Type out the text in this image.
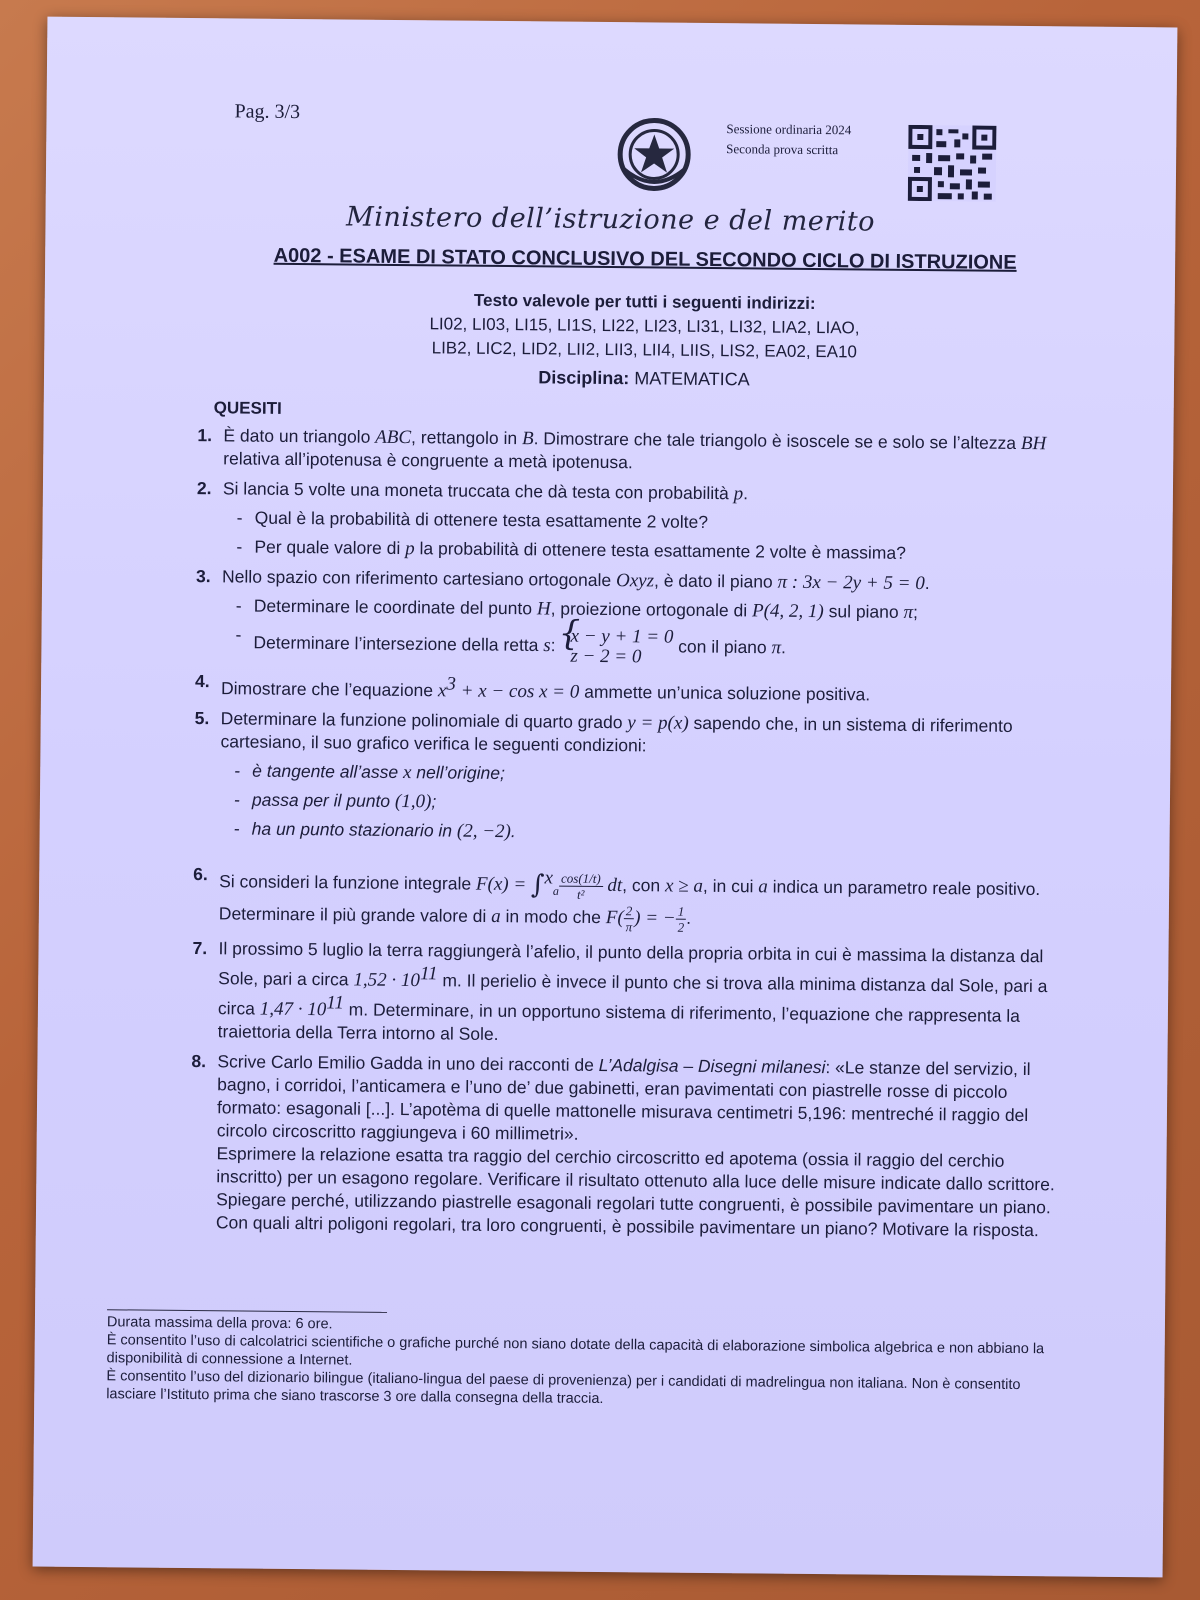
Pag. 3/3
Sessione ordinaria 2024
Seconda prova scritta
Ministero dell’istruzione e del merito
A002 - ESAME DI STATO CONCLUSIVO DEL SECONDO CICLO DI ISTRUZIONE
Testo valevole per tutti i seguenti indirizzi:
LI02, LI03, LI15, LI1S, LI22, LI23, LI31, LI32, LIA2, LIAO,
LIB2, LIC2, LID2, LII2, LII3, LII4, LIIS, LIS2, EA02, EA10
Disciplina: MATEMATICA
QUESITI
1. È dato un triangolo ABC, rettangolo in B. Dimostrare che tale triangolo è isoscele se e solo se l’altezza BH relativa all’ipotenusa è congruente a metà ipotenusa.
2. Si lancia 5 volte una moneta truccata che dà testa con probabilità p.
- Qual è la probabilità di ottenere testa esattamente 2 volte?
- Per quale valore di p la probabilità di ottenere testa esattamente 2 volte è massima?
3. Nello spazio con riferimento cartesiano ortogonale Oxyz, è dato il piano π : 3x − 2y + 5 = 0.
- Determinare le coordinate del punto H, proiezione ortogonale di P(4, 2, 1) sul piano π;
- Determinare l’intersezione della retta s:
{ x − y + 1 = 0
z − 2 = 0	con il piano π.
4. Dimostrare che l’equazione $x^3 + x - \cos x = 0$ ammette un’unica soluzione positiva.
5. Determinare la funzione polinomiale di quarto grado y = p(x) sapendo che, in un sistema di riferimento cartesiano, il suo grafico verifica le seguenti condizioni:
- è tangente all’asse x nell’origine;
- passa per il punto (1,0);
- ha un punto stazionario in (2, −2).
6. Si consideri la funzione integrale $F(x) = \int^x_a \frac{\cos(1/t)}{\text{t²}}$ dt, con x ≥ a, in cui a indica un parametro reale positivo. Determinare il più grande valore di a in modo che $F( \frac{2}{\pi}$ ) = − $\frac{1}{2}$ .
7. Il prossimo 5 luglio la terra raggiungerà l’afelio, il punto della propria orbita in cui è massima la distanza dal Sole, pari a circa $1,52 \cdot 10^{11}$ m. Il perielio è invece il punto che si trova alla minima distanza dal Sole, pari a circa $1,47 \cdot 10^{11}$ m. Determinare, in un opportuno sistema di riferimento, l’equazione che rappresenta la traiettoria della Terra intorno al Sole.
8. Scrive Carlo Emilio Gadda in uno dei racconti de L’Adalgisa – Disegni milanesi: «Le stanze del servizio, il bagno, i corridoi, l’anticamera e l’uno de’ due gabinetti, eran pavimentati con piastrelle rosse di piccolo formato: esagonali [...]. L’apotèma di quelle mattonelle misurava centimetri 5,196: mentreché il raggio del circolo circoscritto raggiungeva i 60 millimetri».
Esprimere la relazione esatta tra raggio del cerchio circoscritto ed apotema (ossia il raggio del cerchio inscritto) per un esagono regolare. Verificare il risultato ottenuto alla luce delle misure indicate dallo scrittore. Spiegare perché, utilizzando piastrelle esagonali regolari tutte congruenti, è possibile pavimentare un piano. Con quali altri poligoni regolari, tra loro congruenti, è possibile pavimentare un piano? Motivare la risposta.
Durata massima della prova: 6 ore.
È consentito l’uso di calcolatrici scientifiche o grafiche purché non siano dotate della capacità di elaborazione simbolica algebrica e non abbiano la disponibilità di connessione a Internet.
È consentito l’uso del dizionario bilingue (italiano-lingua del paese di provenienza) per i candidati di madrelingua non italiana. Non è consentito lasciare l’Istituto prima che siano trascorse 3 ore dalla consegna della traccia.
